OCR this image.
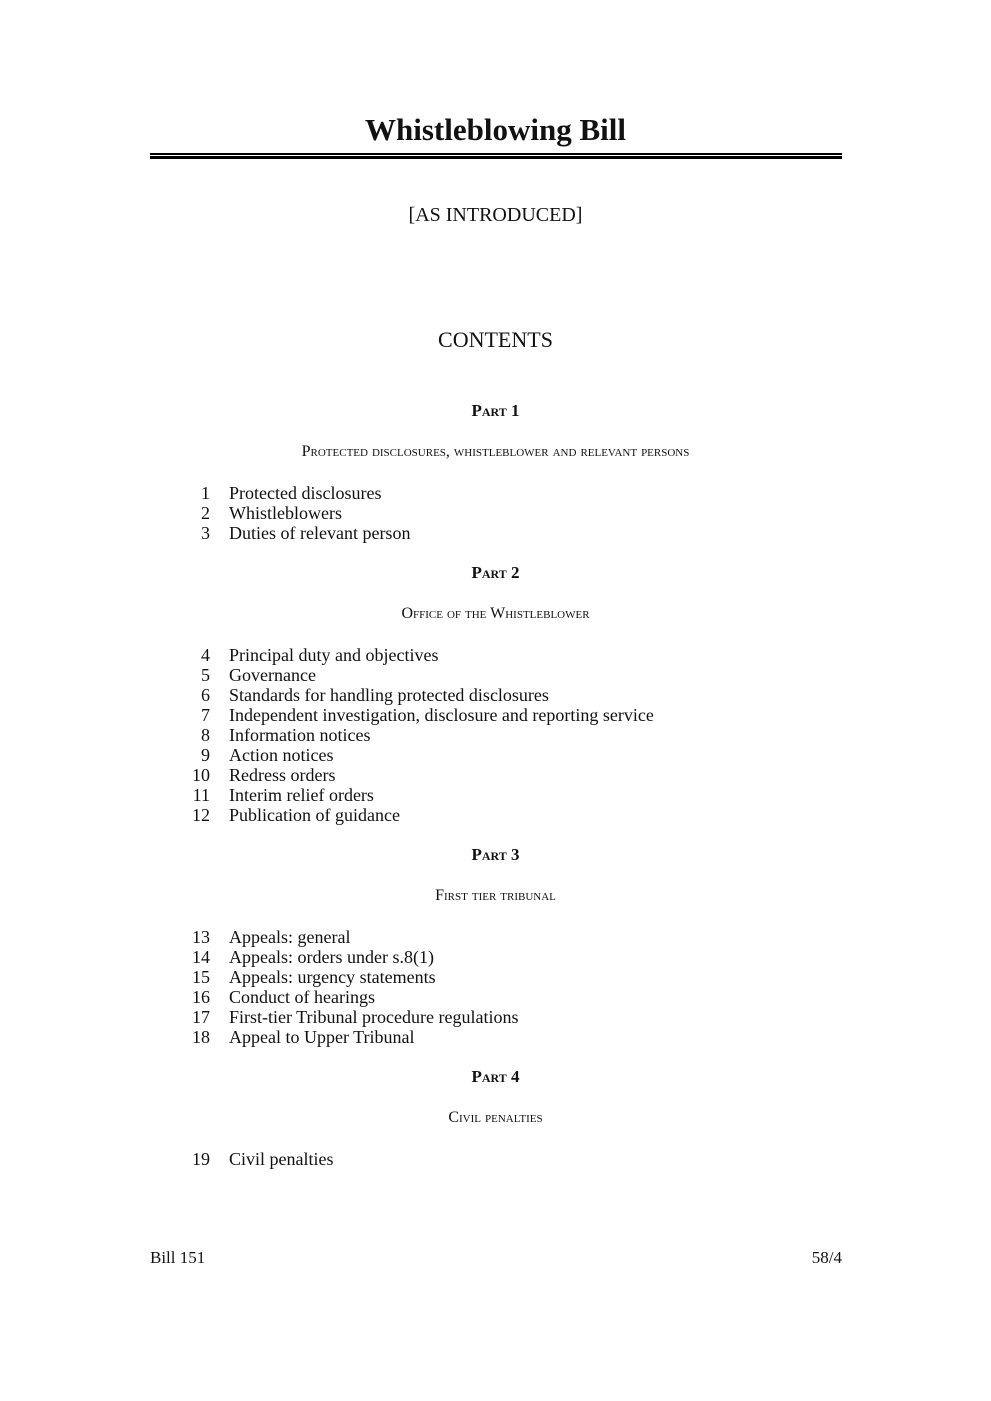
Whistleblowing Bill
[AS INTRODUCED]
CONTENTS
Part 1
Protected disclosures, whistleblower and relevant persons
1 Protected disclosures
2 Whistleblowers
3 Duties of relevant person
Part 2
Office of the Whistleblower
4 Principal duty and objectives
5 Governance
6 Standards for handling protected disclosures
7 Independent investigation, disclosure and reporting service
8 Information notices
9 Action notices
10 Redress orders
11 Interim relief orders
12 Publication of guidance
Part 3
First tier tribunal
13 Appeals: general
14 Appeals: orders under s.8(1)
15 Appeals: urgency statements
16 Conduct of hearings
17 First-tier Tribunal procedure regulations
18 Appeal to Upper Tribunal
Part 4
Civil penalties
19 Civil penalties
Bill 151	58/4
